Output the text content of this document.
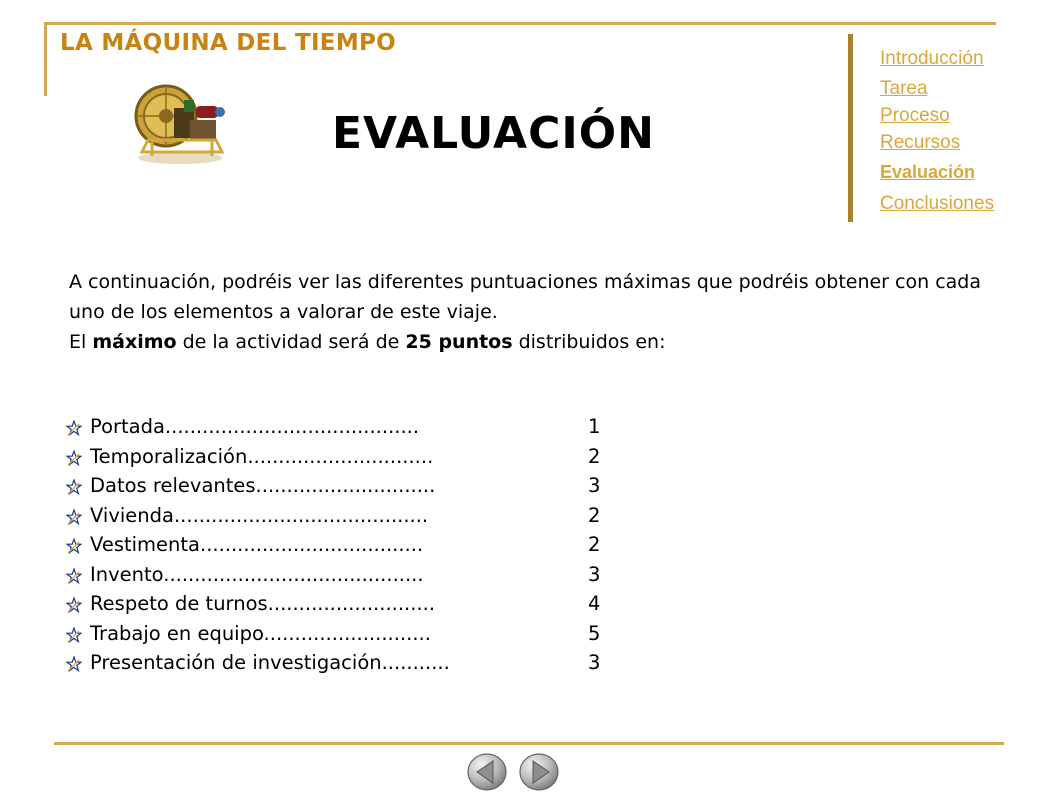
LA MÁQUINA DEL TIEMPO
EVALUACIÓN
Introducción
Tarea
Proceso
Recursos
Evaluación
Conclusiones

A continuación, podréis ver las diferentes puntuaciones máximas que podréis obtener con cada uno de los elementos a valorar de este viaje.
El máximo de la actividad será de 25 puntos distribuidos en:

Portada.........................................	1
Temporalización..............................	2
Datos relevantes.............................	3
Vivienda.........................................	2
Vestimenta....................................	2
Invento..........................................	3
Respeto de turnos...........................	4
Trabajo en equipo...........................	5
Presentación de investigación...........	3
